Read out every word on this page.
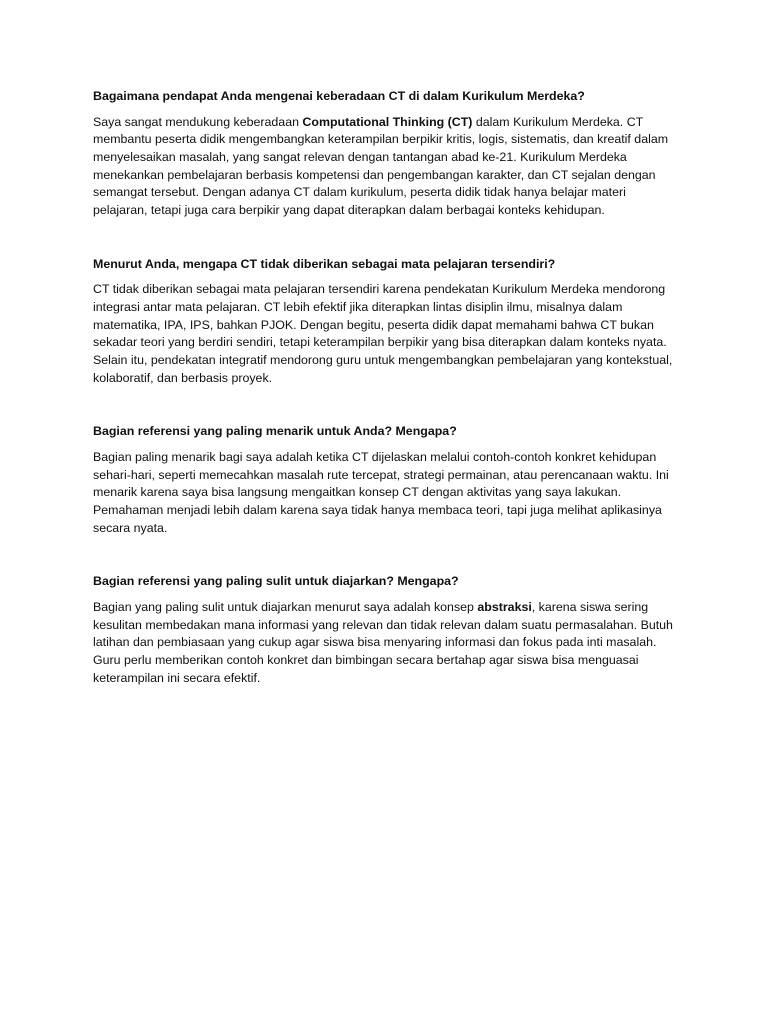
Bagaimana pendapat Anda mengenai keberadaan CT di dalam Kurikulum Merdeka?

Saya sangat mendukung keberadaan Computational Thinking (CT) dalam Kurikulum Merdeka. CT membantu peserta didik mengembangkan keterampilan berpikir kritis, logis, sistematis, dan kreatif dalam menyelesaikan masalah, yang sangat relevan dengan tantangan abad ke-21. Kurikulum Merdeka menekankan pembelajaran berbasis kompetensi dan pengembangan karakter, dan CT sejalan dengan semangat tersebut. Dengan adanya CT dalam kurikulum, peserta didik tidak hanya belajar materi pelajaran, tetapi juga cara berpikir yang dapat diterapkan dalam berbagai konteks kehidupan.

Menurut Anda, mengapa CT tidak diberikan sebagai mata pelajaran tersendiri?

CT tidak diberikan sebagai mata pelajaran tersendiri karena pendekatan Kurikulum Merdeka mendorong integrasi antar mata pelajaran. CT lebih efektif jika diterapkan lintas disiplin ilmu, misalnya dalam matematika, IPA, IPS, bahkan PJOK. Dengan begitu, peserta didik dapat memahami bahwa CT bukan sekadar teori yang berdiri sendiri, tetapi keterampilan berpikir yang bisa diterapkan dalam konteks nyata. Selain itu, pendekatan integratif mendorong guru untuk mengembangkan pembelajaran yang kontekstual, kolaboratif, dan berbasis proyek.

Bagian referensi yang paling menarik untuk Anda? Mengapa?

Bagian paling menarik bagi saya adalah ketika CT dijelaskan melalui contoh-contoh konkret kehidupan sehari-hari, seperti memecahkan masalah rute tercepat, strategi permainan, atau perencanaan waktu. Ini menarik karena saya bisa langsung mengaitkan konsep CT dengan aktivitas yang saya lakukan. Pemahaman menjadi lebih dalam karena saya tidak hanya membaca teori, tapi juga melihat aplikasinya secara nyata.

Bagian referensi yang paling sulit untuk diajarkan? Mengapa?

Bagian yang paling sulit untuk diajarkan menurut saya adalah konsep abstraksi, karena siswa sering kesulitan membedakan mana informasi yang relevan dan tidak relevan dalam suatu permasalahan. Butuh latihan dan pembiasaan yang cukup agar siswa bisa menyaring informasi dan fokus pada inti masalah. Guru perlu memberikan contoh konkret dan bimbingan secara bertahap agar siswa bisa menguasai keterampilan ini secara efektif.
